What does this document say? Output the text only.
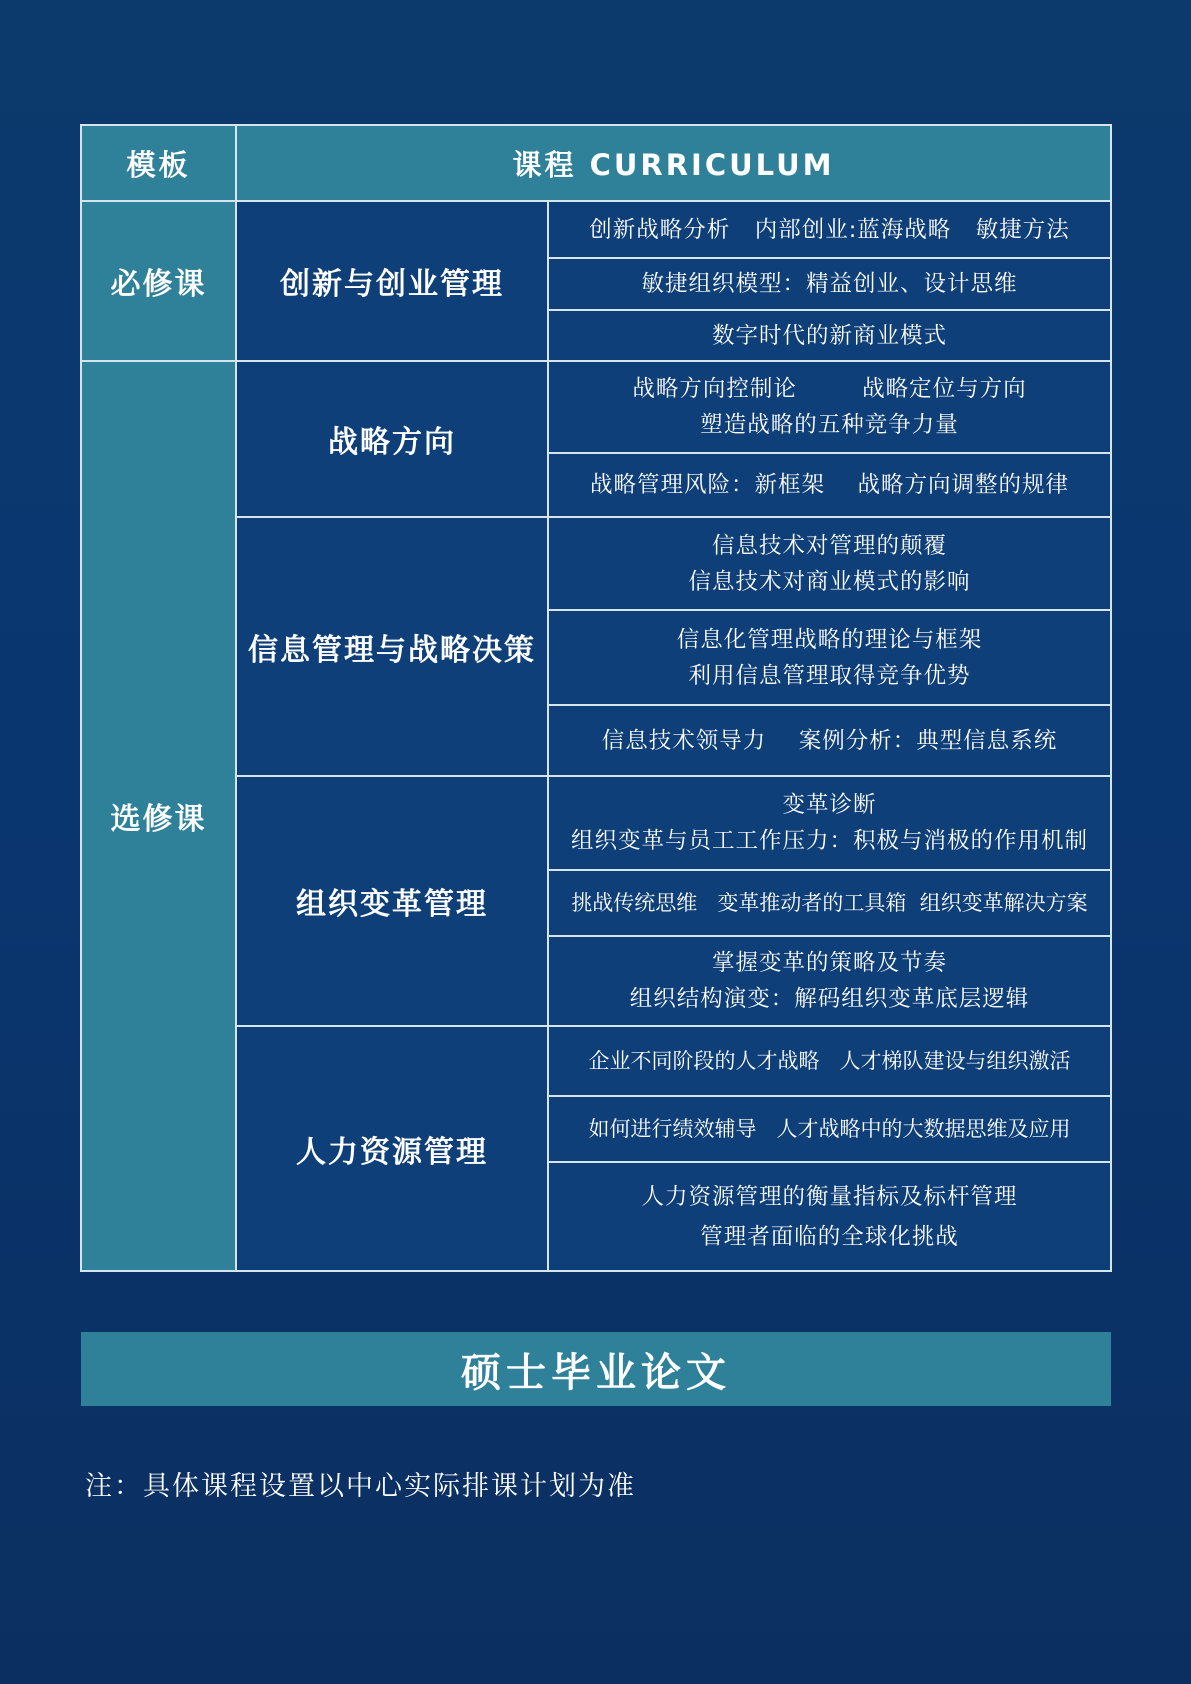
模板	课程 CURRICULUM	
必修课	创新与创业管理	创新战略分析   内部创业:蓝海战略   敏捷方法

		敏捷组织模型：精益创业、设计思维

		数字时代的新商业模式

选修课	战略方向	战略方向控制论        战略定位与方向
塑造战略的五种竞争力量

		战略管理风险：新框架    战略方向调整的规律

	信息管理与战略决策	信息技术对管理的颠覆
信息技术对商业模式的影响

		信息化管理战略的理论与框架
利用信息管理取得竞争优势

		信息技术领导力    案例分析：典型信息系统

	组织变革管理	变革诊断
组织变革与员工工作压力：积极与消极的作用机制

		挑战传统思维   变革推动者的工具箱  组织变革解决方案

		掌握变革的策略及节奏
组织结构演变：解码组织变革底层逻辑

	人力资源管理	企业不同阶段的人才战略   人才梯队建设与组织激活

		如何进行绩效辅导   人才战略中的大数据思维及应用

		人力资源管理的衡量指标及标杆管理
管理者面临的全球化挑战
硕士毕业论文
注：具体课程设置以中心实际排课计划为准
